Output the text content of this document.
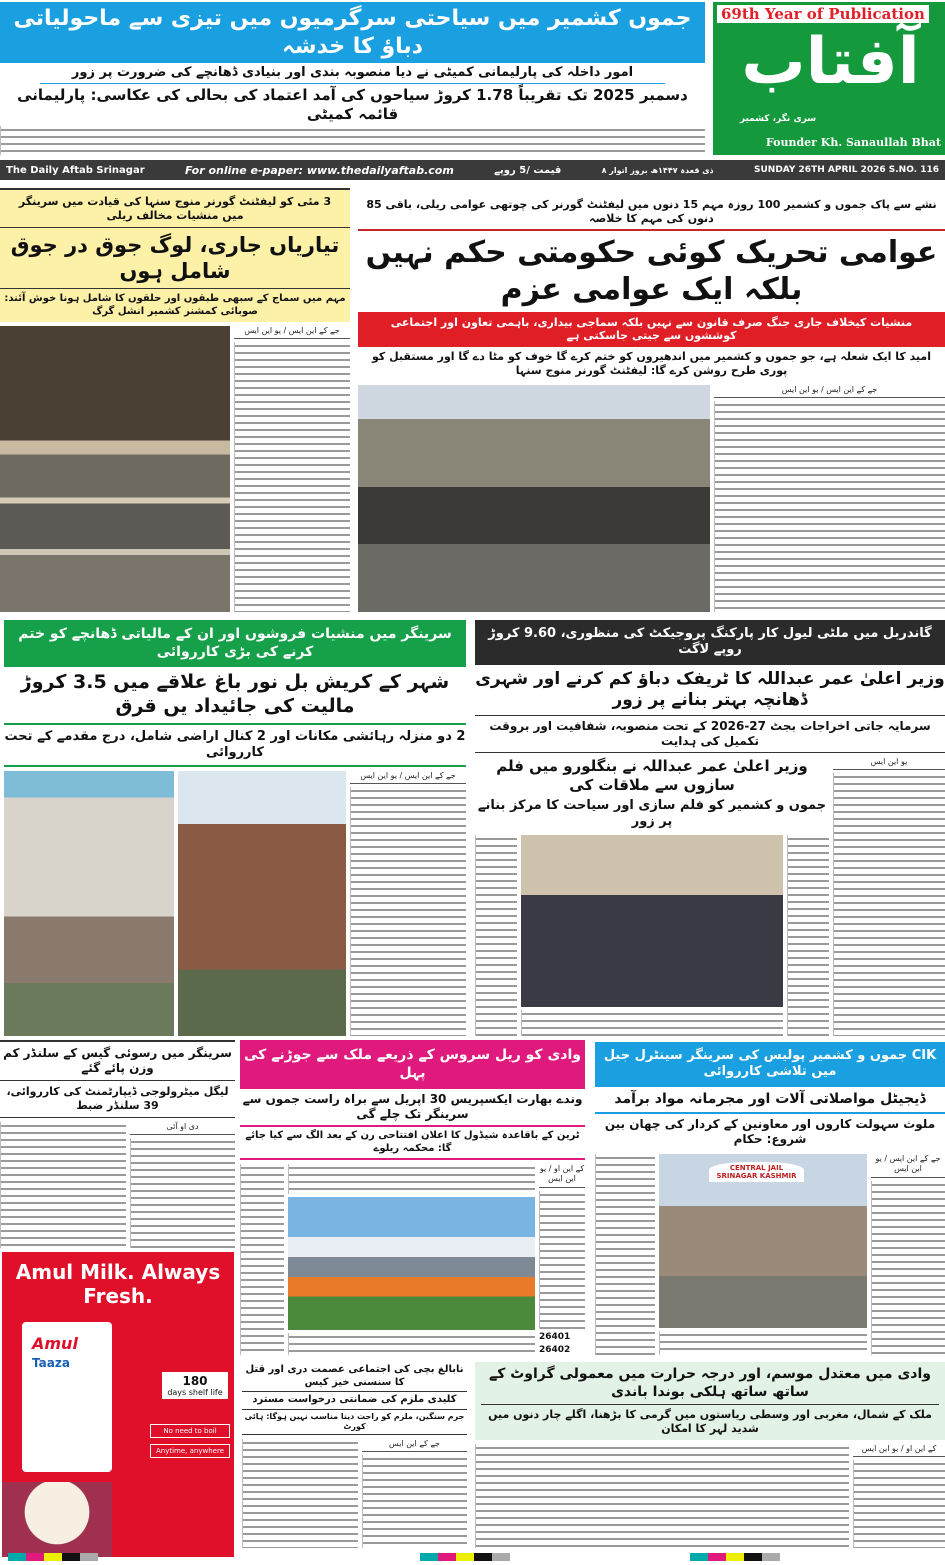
جموں کشمیر میں سیاحتی سرگرمیوں میں تیزی سے ماحولیاتی دباؤ کا خدشہ
امور داخلہ کی پارلیمانی کمیٹی نے دیا منصوبہ بندی اور بنیادی ڈھانچے کی ضرورت پر زور
دسمبر 2025 تک تقریباً 1.78 کروڑ سیاحوں کی آمد اعتماد کی بحالی کی عکاسی: پارلیمانی قائمہ کمیٹی
69th Year of Publication
آفتاب
سری نگر، کشمیر
Founder Kh. Sanaullah Bhat
The Daily Aftab Srinagar	For online e-paper: www.thedailyaftab.com	قیمت /5 روپے	۸ ذی قعدہ ۱۴۴۷ھ بروز اتوار	SUNDAY 26TH APRIL 2026 S.NO. 116
3 مئی کو لیفٹنٹ گورنر منوج سنہا کی قیادت میں سرینگر میں منشیات مخالف ریلی
تیاریاں جاری، لوگ جوق در جوق شامل ہوں
مہم میں سماج کے سبھی طبقوں اور حلقوں کا شامل ہونا خوش آئند: صوبائی کمشنر کشمیر انشل گرگ
جے کے این ایس / یو این ایس
نشے سے پاک جموں و کشمیر 100 روزہ مہم 15 دنوں میں لیفٹنٹ گورنر کی چوتھی عوامی ریلی، باقی 85 دنوں کی مہم کا خلاصہ
عوامی تحریک کوئی حکومتی حکم نہیں بلکہ ایک عوامی عزم
منشیات کیخلاف جاری جنگ صرف قانون سے نہیں بلکہ سماجی بیداری، باہمی تعاون اور اجتماعی کوششوں سے جیتی جاسکتی ہے
امید کا ایک شعلہ ہے، جو جموں و کشمیر میں اندھیروں کو ختم کرے گا خوف کو مٹا دے گا اور مستقبل کو پوری طرح روشن کرے گا: لیفٹنٹ گورنر منوج سنہا
جے کے این ایس / یو این ایس
سرینگر میں منشیات فروشوں اور ان کے مالیاتی ڈھانچے کو ختم کرنے کی بڑی کارروائی
شہر کے کریش بل نور باغ علاقے میں 3.5 کروڑ مالیت کی جائیداد یں قرق
2 دو منزلہ رہائشی مکانات اور 2 کنال اراضی شامل، درج مقدمے کے تحت کارروائی
جے کے این ایس / یو این ایس
گاندربل میں ملٹی لیول کار پارکنگ پروجیکٹ کی منظوری، 9.60 کروڑ روپے لاگت
وزیر اعلیٰ عمر عبداللہ کا ٹریفک دباؤ کم کرنے اور شہری ڈھانچہ بہتر بنانے پر زور
سرمایہ جاتی اخراجات بجٹ 27-2026 کے تحت منصوبہ، شفافیت اور بروقت تکمیل کی ہدایت
وزیر اعلیٰ عمر عبداللہ نے بنگلورو میں فلم سازوں سے ملاقات کی
جموں و کشمیر کو فلم سازی اور سیاحت کا مرکز بنانے پر زور
یو این ایس
سرینگر میں رسوئی گیس کے سلنڈر کم وزن پائے گئے
لیگل میٹرولوجی ڈیپارٹمنٹ کی کارروائی، 39 سلنڈر ضبط
دی او آئی
Amul Milk. Always Fresh.
Amul
Taaza
180
days shelf life
No need to boil
Anytime, anywhere
وادی کو ریل سروس کے ذریعے ملک سے جوڑنے کی پہل
وندے بھارت ایکسپریس 30 اپریل سے براہ راست جموں سے سرینگر تک چلے گی
ٹرین کے باقاعدہ شیڈول کا اعلان افتتاحی رن کے بعد الگ سے کیا جائے گا: محکمہ ریلوے
کے این او / یو این ایس
26401
26402
CIK جموں و کشمیر پولیس کی سرینگر سینٹرل جیل میں تلاشی کارروائی
ڈیجیٹل مواصلاتی آلات اور مجرمانہ مواد برآمد
ملوث سہولت کاروں اور معاونین کے کردار کی چھان بین شروع: حکام
CENTRAL JAIL SRINAGAR KASHMIR
جے کے این ایس / یو این ایس
نابالغ بچی کی اجتماعی عصمت دری اور قتل کا سنسنی خیز کیس
کلیدی ملزم کی ضمانتی درخواست مسترد
جرم سنگین، ملزم کو راحت دینا مناسب نہیں ہوگا: ہائی کورٹ
جے کے این ایس
وادی میں معتدل موسم، اور درجہ حرارت میں معمولی گراوٹ کے ساتھ ساتھ ہلکی بوندا باندی
ملک کے شمال، مغربی اور وسطی ریاستوں میں گرمی کا بڑھنا، اگلے چار دنوں میں شدید لہر کا امکان
کے این او / یو این ایس
